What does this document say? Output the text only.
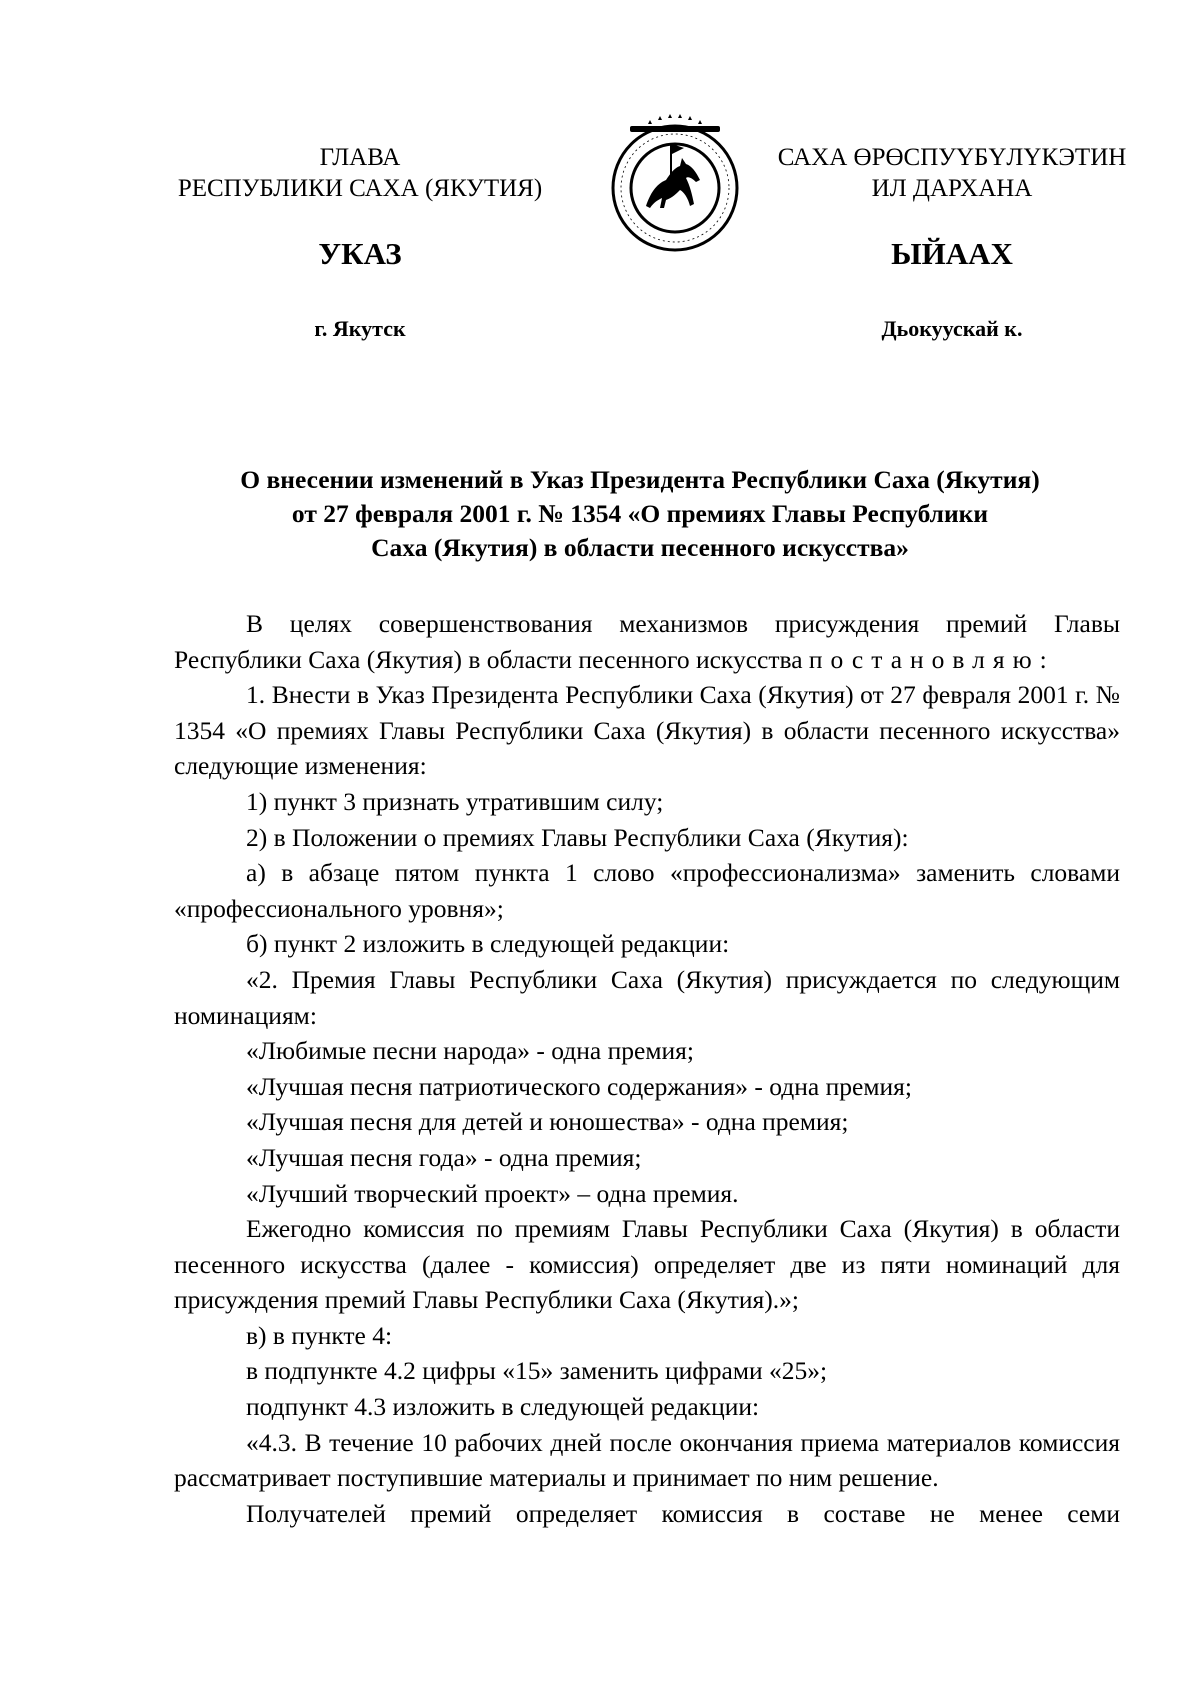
ГЛАВА
РЕСПУБЛИКИ САХА (ЯКУТИЯ)
САХА ӨРӨСПУҮБҮЛҮКЭТИН
ИЛ ДАРХАНА
УКАЗ	ЫЙААХ
г. Якутск	Дьокуускай к.
О внесении изменений в Указ Президента Республики Саха (Якутия)
от 27 февраля 2001 г. № 1354 «О премиях Главы Республики
Саха (Якутия) в области песенного искусства»

В целях совершенствования механизмов присуждения премий Главы Республики Саха (Якутия) в области песенного искусства постановляю:

1. Внести в Указ Президента Республики Саха (Якутия) от 27 февраля 2001 г. № 1354 «О премиях Главы Республики Саха (Якутия) в области песенного искусства» следующие изменения:

1) пункт 3 признать утратившим силу;

2) в Положении о премиях Главы Республики Саха (Якутия):

а) в абзаце пятом пункта 1 слово «профессионализма» заменить словами «профессионального уровня»;

б) пункт 2 изложить в следующей редакции:

«2. Премия Главы Республики Саха (Якутия) присуждается по следующим номинациям:

«Любимые песни народа» - одна премия;

«Лучшая песня патриотического содержания» - одна премия;

«Лучшая песня для детей и юношества» - одна премия;

«Лучшая песня года» - одна премия;

«Лучший творческий проект» – одна премия.

Ежегодно комиссия по премиям Главы Республики Саха (Якутия) в области песенного искусства (далее - комиссия) определяет две из пяти номинаций для присуждения премий Главы Республики Саха (Якутия).»;

в) в пункте 4:

в подпункте 4.2 цифры «15» заменить цифрами «25»;

подпункт 4.3 изложить в следующей редакции:

«4.3. В течение 10 рабочих дней после окончания приема материалов комиссия рассматривает поступившие материалы и принимает по ним решение.

Получателей премий определяет комиссия в составе не менее семи
